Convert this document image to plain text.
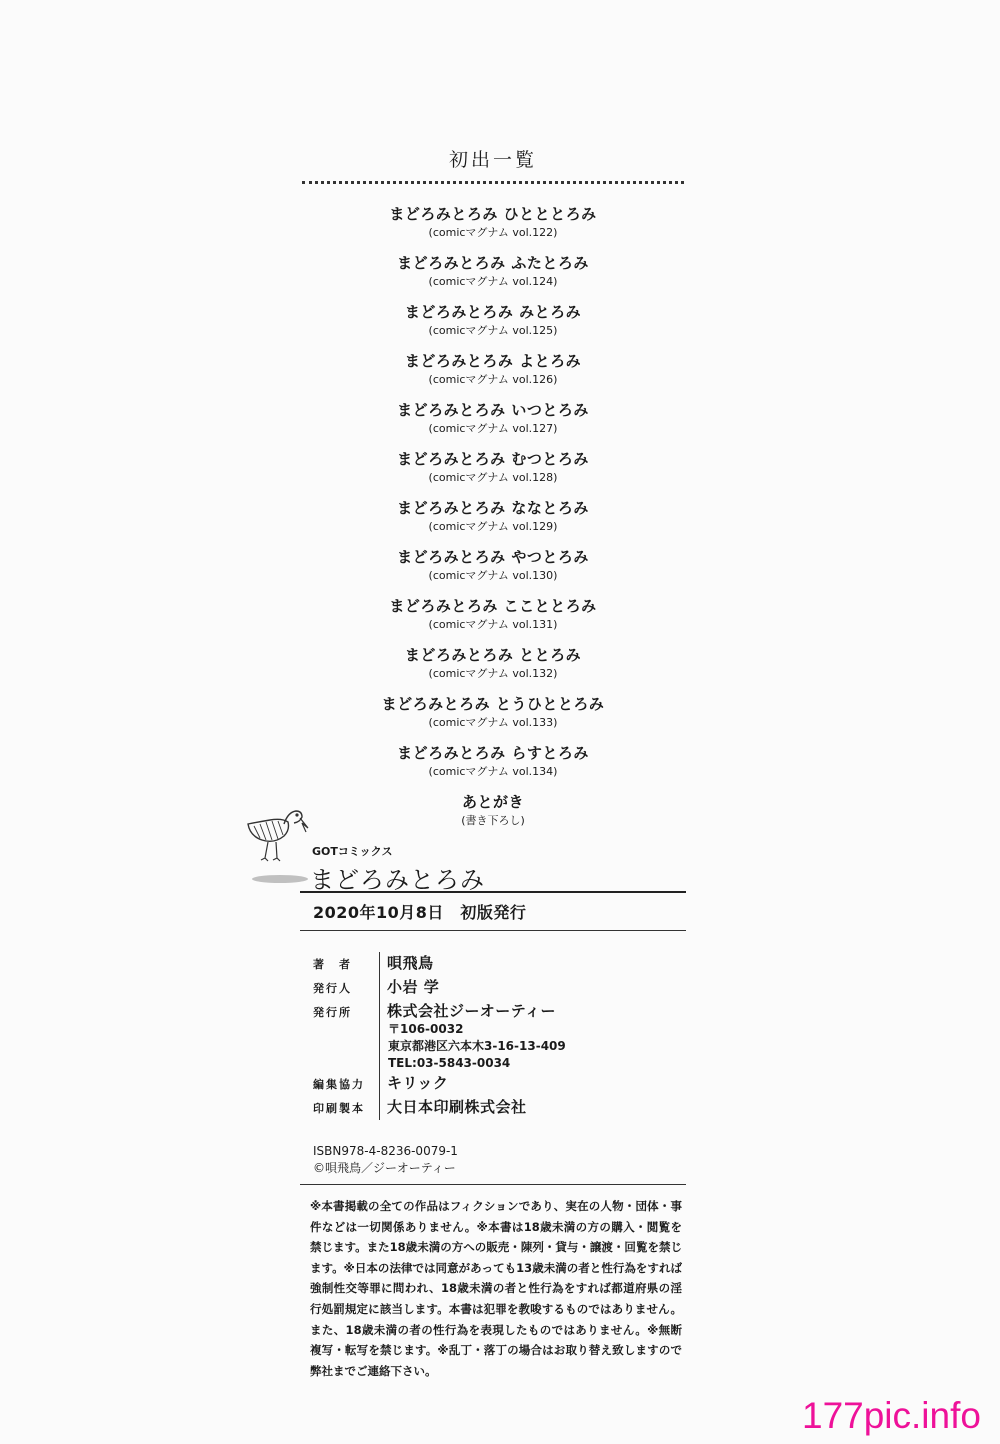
初出一覧
まどろみとろみ ひとととろみ
(comicマグナム vol.122)
まどろみとろみ ふたとろみ
(comicマグナム vol.124)
まどろみとろみ みとろみ
(comicマグナム vol.125)
まどろみとろみ よとろみ
(comicマグナム vol.126)
まどろみとろみ いつとろみ
(comicマグナム vol.127)
まどろみとろみ むつとろみ
(comicマグナム vol.128)
まどろみとろみ ななとろみ
(comicマグナム vol.129)
まどろみとろみ やつとろみ
(comicマグナム vol.130)
まどろみとろみ ここととろみ
(comicマグナム vol.131)
まどろみとろみ ととろみ
(comicマグナム vol.132)
まどろみとろみ とうひととろみ
(comicマグナム vol.133)
まどろみとろみ らすとろみ
(comicマグナム vol.134)
あとがき
(書き下ろし)
GOTコミックス
まどろみとろみ
2020年10月8日　初版発行
著　者	唄飛鳥
発行人	小岩 学
発行所	株式会社ジーオーティー
〒106-0032
東京都港区六本木3-16-13-409
TEL:03-5843-0034
編集協力	キリック
印刷製本	大日本印刷株式会社
ISBN978-4-8236-0079-1
©唄飛鳥／ジーオーティー
※本書掲載の全ての作品はフィクションであり、実在の人物・団体・事件などは一切関係ありません。※本書は18歳未満の方の購入・閲覧を禁じます。また18歳未満の方への販売・陳列・貸与・譲渡・回覧を禁じます。※日本の法律では同意があっても13歳未満の者と性行為をすれば強制性交等罪に問われ、18歳未満の者と性行為をすれば都道府県の淫行処罰規定に該当します。本書は犯罪を教唆するものではありません。また、18歳未満の者の性行為を表現したものではありません。※無断複写・転写を禁じます。※乱丁・落丁の場合はお取り替え致しますので弊社までご連絡下さい。
177pic.info
